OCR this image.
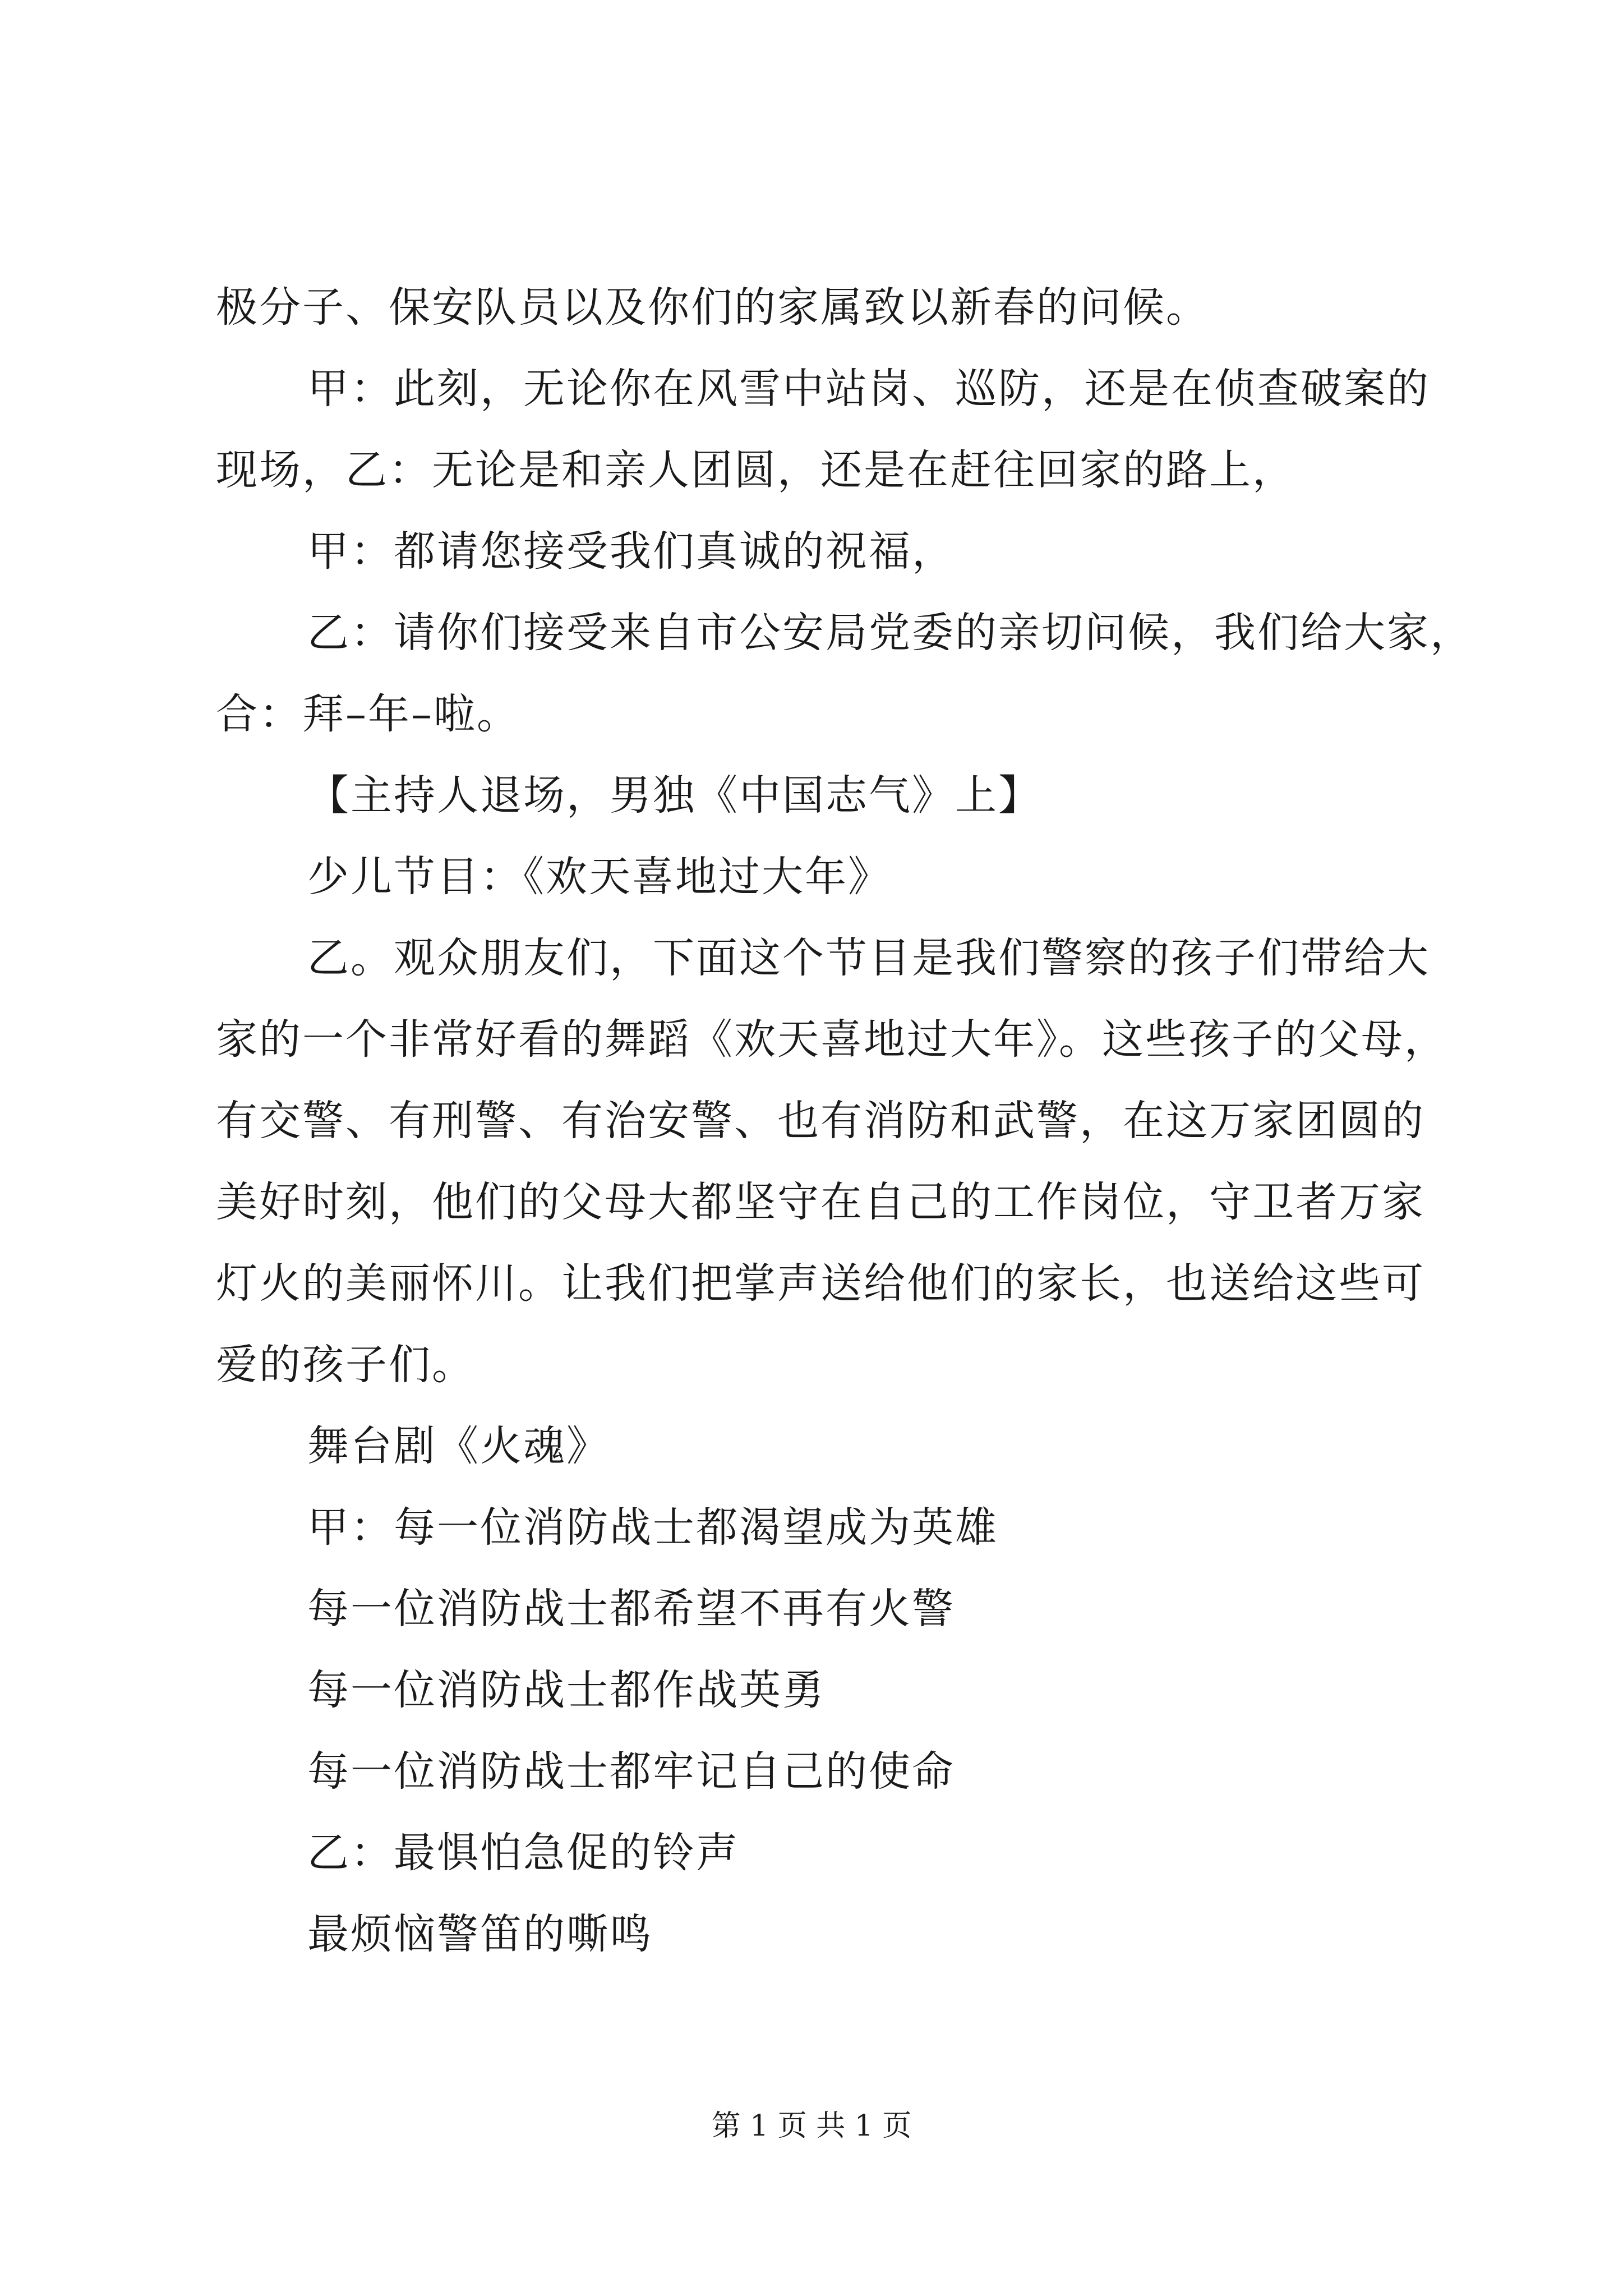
极分子、保安队员以及你们的家属致以新春的问候。
甲：此刻，无论你在风雪中站岗、巡防，还是在侦查破案的
现场，乙：无论是和亲人团圆，还是在赶往回家的路上，
甲：都请您接受我们真诚的祝福，
乙：请你们接受来自市公安局党委的亲切问候，我们给大家，
合：拜–年–啦。
【主持人退场，男独《中国志气》上】
少儿节目：《欢天喜地过大年》
乙。观众朋友们，下面这个节目是我们警察的孩子们带给大
家的一个非常好看的舞蹈《欢天喜地过大年》。这些孩子的父母，
有交警、有刑警、有治安警、也有消防和武警，在这万家团圆的
美好时刻，他们的父母大都坚守在自己的工作岗位，守卫者万家
灯火的美丽怀川。让我们把掌声送给他们的家长，也送给这些可
爱的孩子们。
舞台剧《火魂》
甲：每一位消防战士都渴望成为英雄
每一位消防战士都希望不再有火警
每一位消防战士都作战英勇
每一位消防战士都牢记自己的使命
乙：最惧怕急促的铃声
最烦恼警笛的嘶鸣
第 1 页 共 1 页
